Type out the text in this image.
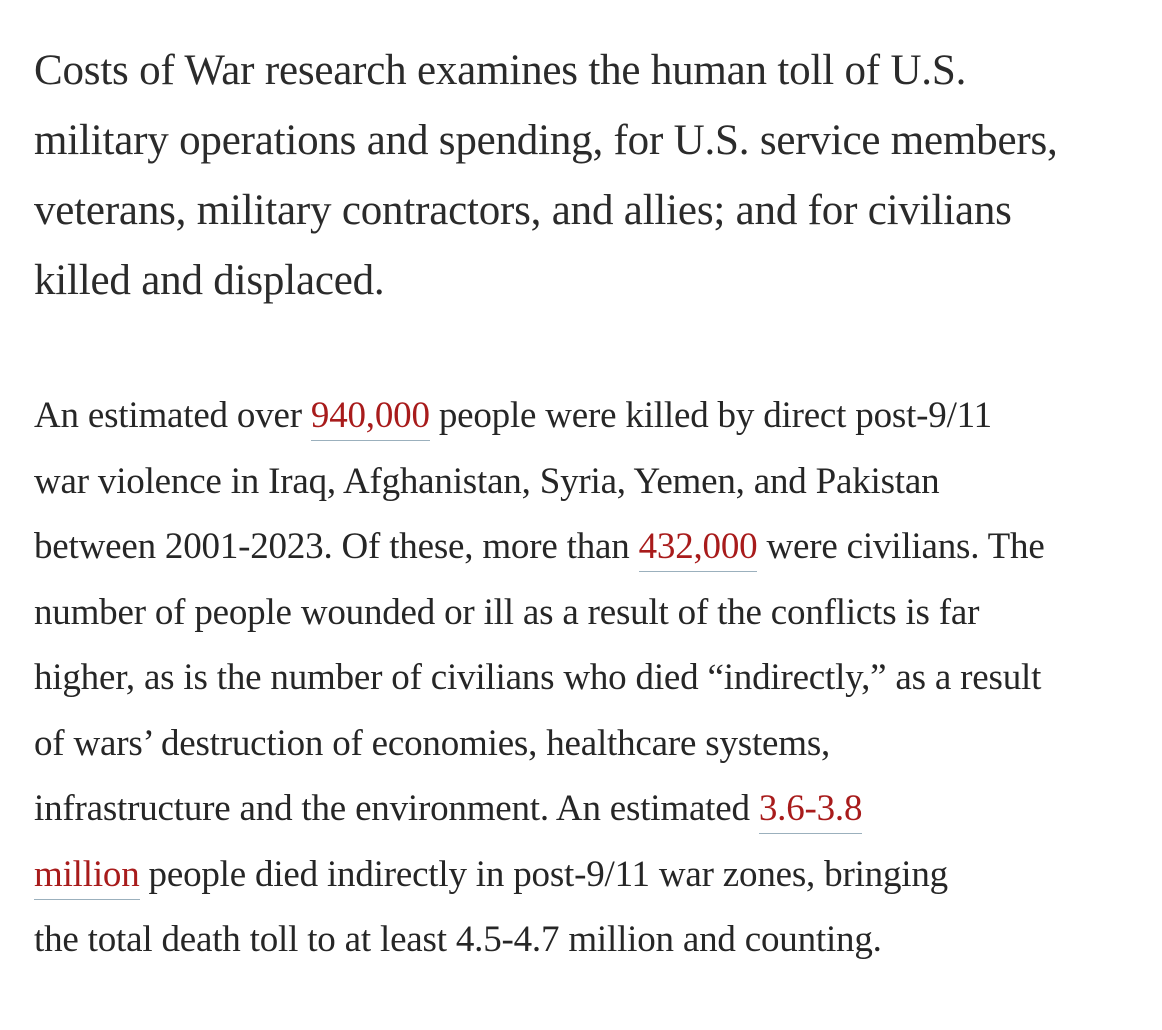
Costs of War research examines the human toll of U.S.
military operations and spending, for U.S. service members,
veterans, military contractors, and allies; and for civilians
killed and displaced.

An estimated over 940,000 people were killed by direct post-9/11
war violence in Iraq, Afghanistan, Syria, Yemen, and Pakistan
between 2001-2023. Of these, more than 432,000 were civilians. The
number of people wounded or ill as a result of the conflicts is far
higher, as is the number of civilians who died “indirectly,” as a result
of wars’ destruction of economies, healthcare systems,
infrastructure and the environment. An estimated 3.6-3.8
million people died indirectly in post-9/11 war zones, bringing
the total death toll to at least 4.5-4.7 million and counting.
